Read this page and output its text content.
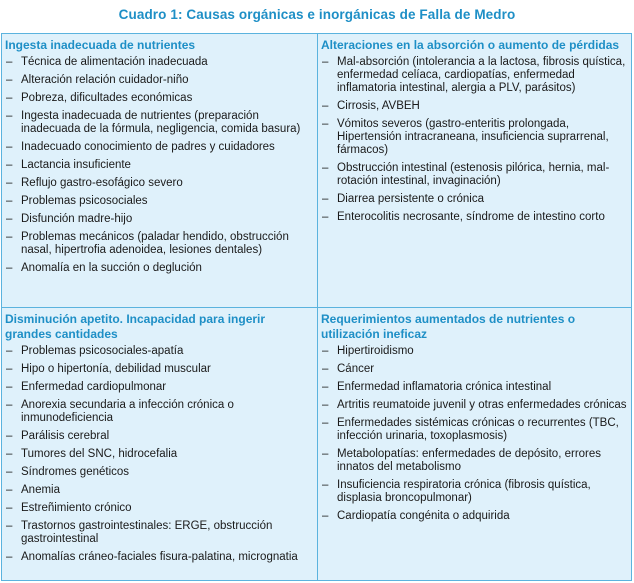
Cuadro 1: Causas orgánicas e inorgánicas de Falla de Medro
Ingesta inadecuada de nutrientes
– Técnica de alimentación inadecuada
– Alteración relación cuidador-niño
– Pobreza, dificultades económicas
– Ingesta inadecuada de nutrientes (preparación inadecuada de la fórmula, negligencia, comida basura)
– Inadecuado conocimiento de padres y cuidadores
– Lactancia insuficiente
– Reflujo gastro-esofágico severo
– Problemas psicosociales
– Disfunción madre-hijo
– Problemas mecánicos (paladar hendido, obstrucción nasal, hipertrofia adenoidea, lesiones dentales)
– Anomalía en la succión o deglución
Alteraciones en la absorción o aumento de pérdidas
– Mal-absorción (intolerancia a la lactosa, fibrosis quística, enfermedad celíaca, cardiopatías, enfermedad inflamatoria intestinal, alergia a PLV, parásitos)
– Cirrosis, AVBEH
– Vómitos severos (gastro-enteritis prolongada, Hipertensión intracraneana, insuficiencia suprarrenal, fármacos)
– Obstrucción intestinal (estenosis pilórica, hernia, mal-rotación intestinal, invaginación)
– Diarrea persistente o crónica
– Enterocolitis necrosante, síndrome de intestino corto
Disminución apetito. Incapacidad para ingerir grandes cantidades
– Problemas psicosociales-apatía
– Hipo o hipertonía, debilidad muscular
– Enfermedad cardiopulmonar
– Anorexia secundaria a infección crónica o inmunodeficiencia
– Parálisis cerebral
– Tumores del SNC, hidrocefalia
– Síndromes genéticos
– Anemia
– Estreñimiento crónico
– Trastornos gastrointestinales: ERGE, obstrucción gastrointestinal
– Anomalías cráneo-faciales fisura-palatina, micrognatia
Requerimientos aumentados de nutrientes o utilización ineficaz
– Hipertiroidismo
– Cáncer
– Enfermedad inflamatoria crónica intestinal
– Artritis reumatoide juvenil y otras enfermedades crónicas
– Enfermedades sistémicas crónicas o recurrentes (TBC, infección urinaria, toxoplasmosis)
– Metabolopatías: enfermedades de depósito, errores innatos del metabolismo
– Insuficiencia respiratoria crónica (fibrosis quística, displasia broncopulmonar)
– Cardiopatía congénita o adquirida
